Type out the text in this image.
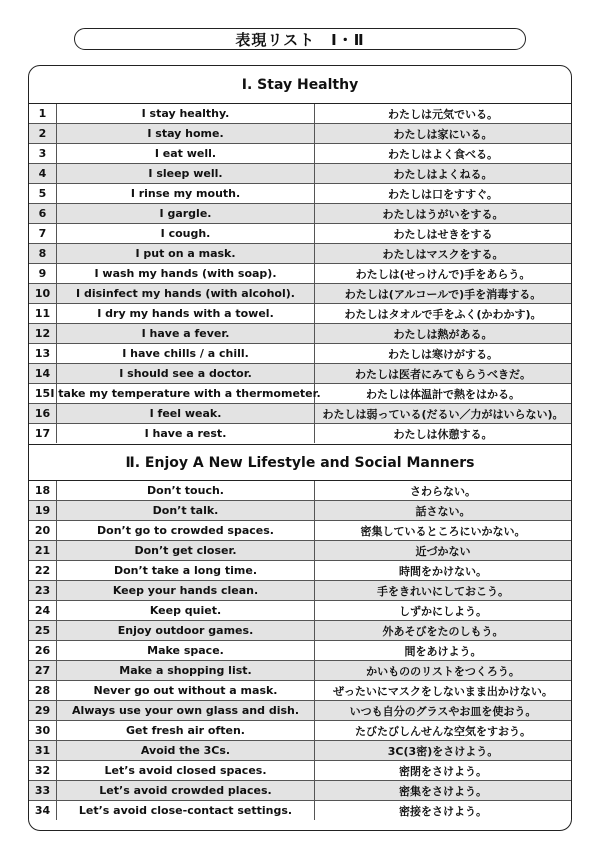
表現リスト　Ⅰ・Ⅱ
Ⅰ. Stay Healthy
1	I stay healthy.	わたしは元気でいる。
2	I stay home.	わたしは家にいる。
3	I eat well.	わたしはよく食べる。
4	I sleep well.	わたしはよくねる。
5	I rinse my mouth.	わたしは口をすすぐ。
6	I gargle.	わたしはうがいをする。
7	I cough.	わたしはせきをする
8	I put on a mask.	わたしはマスクをする。
9	I wash my hands (with soap).	わたしは(せっけんで)手をあらう。
10	I disinfect my hands (with alcohol).	わたしは(アルコールで)手を消毒する。
11	I dry my hands with a towel.	わたしはタオルで手をふく(かわかす)。
12	I have a fever.	わたしは熱がある。
13	I have chills / a chill.	わたしは寒けがする。
14	I should see a doctor.	わたしは医者にみてもらうべきだ。
15 I take my temperature with a thermometer.	わたしは体温計で熱をはかる。
16	I feel weak.	わたしは弱っている(だるい／力がはいらない)。
17	I have a rest.	わたしは休憩する。
Ⅱ. Enjoy A New Lifestyle and Social Manners
18	Don’t touch.	さわらない。
19	Don’t talk.	話さない。
20	Don’t go to crowded spaces.	密集しているところにいかない。
21	Don’t get closer.	近づかない
22	Don’t take a long time.	時間をかけない。
23	Keep your hands clean.	手をきれいにしておこう。
24	Keep quiet.	しずかにしよう。
25	Enjoy outdoor games.	外あそびをたのしもう。
26	Make space.	間をあけよう。
27	Make a shopping list.	かいもののリストをつくろう。
28	Never go out without a mask.	ぜったいにマスクをしないまま出かけない。
29	Always use your own glass and dish.	いつも自分のグラスやお皿を使おう。
30	Get fresh air often.	たびたびしんせんな空気をすおう。
31	Avoid the 3Cs.	3C(3密)をさけよう。
32	Let’s avoid closed spaces.	密閉をさけよう。
33	Let’s avoid crowded places.	密集をさけよう。
34	Let’s avoid close-contact settings.	密接をさけよう。
